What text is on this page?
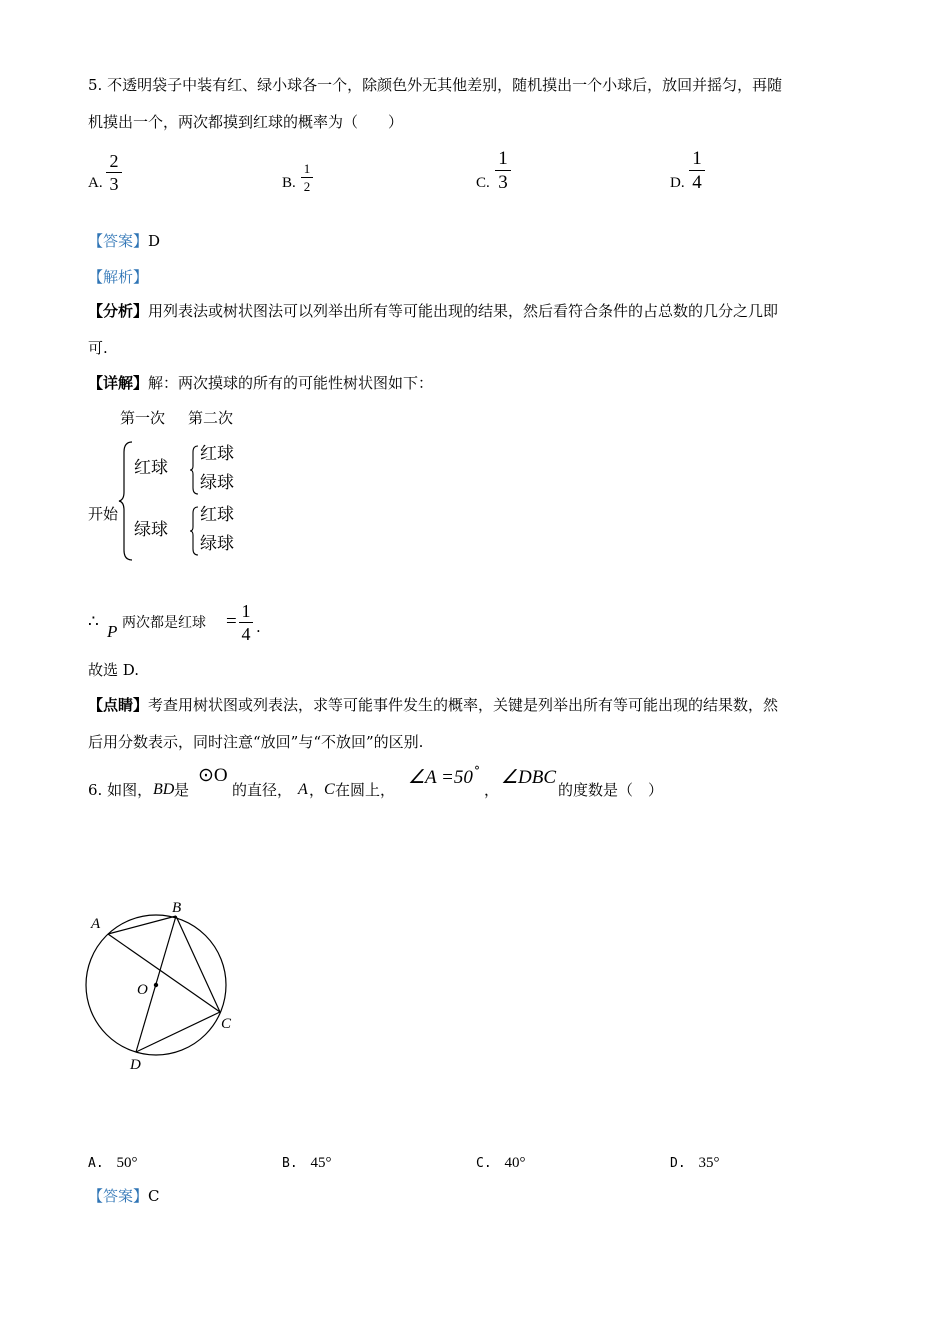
5. 不透明袋子中装有红、绿小球各一个，除颜色外无其他差别，随机摸出一个小球后，放回并摇匀，再随
机摸出一个，两次都摸到红球的概率为（　　）
A.
2
3	B.
1
2	C.
1
3	D.
1
4
【答案】D
【解析】
【分析】用列表法或树状图法可以列举出所有等可能出现的结果，然后看符合条件的占总数的几分之几即
可.
【详解】解：两次摸球的所有的可能性树状图如下：
第一次 第二次
开始
红球
绿球
红球
绿球
红球
绿球
∴ P 两次都是红球 = 1
4 .
故选 D.
【点睛】考查用树状图或列表法，求等可能事件发生的概率，关键是列举出所有等可能出现的结果数，然
后用分数表示，同时注意“放回”与“不放回”的区别.
6. 如图， BD 是
⊙O
的直径， A ， C 在圆上，
∠A =50 °
，
∠DBC
的度数是（　）
A
B
C
D
O
A. 50°	B. 45°	C. 40°	D. 35°
【答案】C
